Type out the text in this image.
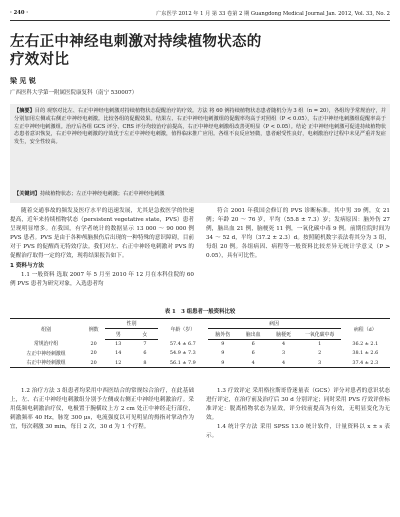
· 240 ·	广东医学 2012 年 1 月 第 33 卷第 2 期 Guangdong Medical Journal Jan. 2012, Vol. 33, No. 2
左右正中神经电刺激对持续植物状态的
疗效对比
梁 见 锐
广西医科大学第一附属医院康复科（南宁 530007）
【摘要】目的 观察对比左、右正中神经电刺激对持续植物状态促醒治疗的疗效。方法 将 60 例持续植物状态患者随机分为 3 组（n = 20），各组均予常规治疗，并分别加用左侧或右侧正中神经电刺激。比较各组的促醒效果。结果左、右正中神经电刺激组的促醒率均高于对照组（P < 0.05），右正中神经电刺激组促醒率高于左正中神经电刺激组。治疗后各组 GCS 评分、CRS 评分均较治疗前提高，右正中神经电刺激组改善更明显（P < 0.05）。结论 正中神经电刺激可促进持续植物状态患者意识恢复，右正中神经电刺激的疗效优于左正中神经电刺激，值得临床推广应用。各组不良反应轻微，患者耐受性良好，电刺激治疗过程中未见严重并发症发生，安全性较高。
【关键词】持续植物状态；左正中神经电刺激；右正中神经电刺激

随着交通事故的频发及医疗水平的迅速发展，尤其是急救医学的快速提高，近年来持续植物状态（persistent vegetative state，PVS）患者呈现明显增多。在我国，有学者统计的数据显示 13 000 ～ 90 000 例 PVS 患者。PVS 是由于各种颅脑损伤后出现的一种特殊的意识障碍，目前对于 PVS 的促醒尚无特效疗法。我们对左、右正中神经电刺激对 PVS 的促醒治疗取得一定的疗效，现将结果报告如下。

1 资料与方法

1.1 一般资料 选取 2007 年 5 月至 2010 年 12 月在本科住院的 60 例 PVS 患者为研究对象，入选患者均

符合 2001 年我国会修订的 PVS 诊断标准。其中男 39 例，女 21 例；年龄 20 ～ 76 岁，平均（55.8 ± 7.3）岁；发病原因：脑外伤 27 例，脑出血 21 例，脑梗死 11 例，一氧化碳中毒 9 例。前期住院时间为 34 ～ 52 d，平均（37.2 ± 2.3）d。按照随机数字表法将其分为 3 组，每组 20 例。各组病因、病程等一般资料比较差异无统计学意义（P > 0.05），具有可比性。

表 1　3 组患者一般资料比较
组别	例数	性别		年龄（岁）	病因				病程（d）
		男	女		脑外伤	脑出血	脑梗死	一氧化碳中毒	
常规治疗组	20	13	7	57.4 ± 6.7	9	6	4	1	36.2 ± 2.1
左正中神经刺激组	20	14	6	54.9 ± 7.3	9	6	3	2	38.1 ± 2.6
右正中神经刺激组	20	12	8	56.1 ± 7.9	9	4	4	3	37.4 ± 2.3

1.2 治疗方法 3 组患者均采用中西医结合的常规综合治疗，在此基础上，左、右正中神经电刺激组分别予左侧或右侧正中神经电刺激治疗。采用低频电刺激治疗仪，电极置于腕横纹上方 2 cm 处正中神经走行部位，刺激频率 40 Hz，脉宽 300 μs，电流强度以可见明显的拇指对掌动作为宜，每次刺激 30 min，每日 2 次，30 d 为 1 个疗程。

1.3 疗效评定 采用格拉斯哥昏迷量表（GCS）评分对患者的意识状态进行评定，在治疗前及治疗后 30 d 分别评定；同时采用 PVS 疗效评价标准评定：脱离植物状态为显效，评分较前提高为有效，无明显变化为无效。

1.4 统计学方法 采用 SPSS 13.0 统计软件，计量资料以 x ± s 表示。
